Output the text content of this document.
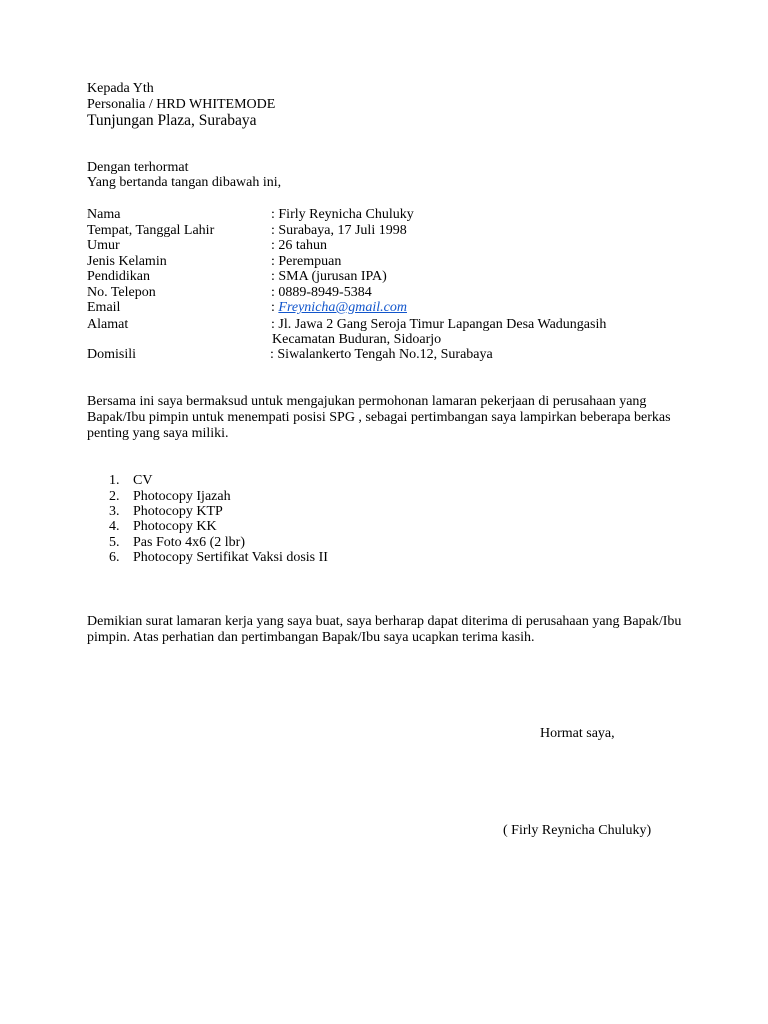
Kepada Yth
Personalia / HRD WHITEMODE
Tunjungan Plaza, Surabaya
Dengan terhormat
Yang bertanda tangan dibawah ini,
Nama	: Firly Reynicha Chuluky
Tempat, Tanggal Lahir	: Surabaya, 17 Juli 1998
Umur	: 26 tahun
Jenis Kelamin	: Perempuan
Pendidikan	: SMA (jurusan IPA)
No. Telepon	: 0889-8949-5384
Email	: Freynicha@gmail.com
Alamat	: Jl. Jawa 2 Gang Seroja Timur Lapangan Desa Wadungasih
Kecamatan Buduran, Sidoarjo
Domisili	: Siwalankerto Tengah No.12, Surabaya
Bersama ini saya bermaksud untuk mengajukan permohonan lamaran pekerjaan di perusahaan yang Bapak/Ibu pimpin untuk menempati posisi SPG , sebagai pertimbangan saya lampirkan beberapa berkas penting yang saya miliki.
1. CV
2. Photocopy Ijazah
3. Photocopy KTP
4. Photocopy KK
5. Pas Foto 4x6 (2 lbr)
6. Photocopy Sertifikat Vaksi dosis II
Demikian surat lamaran kerja yang saya buat, saya berharap dapat diterima di perusahaan yang Bapak/Ibu pimpin. Atas perhatian dan pertimbangan Bapak/Ibu saya ucapkan terima kasih.
Hormat saya,
( Firly Reynicha Chuluky)
